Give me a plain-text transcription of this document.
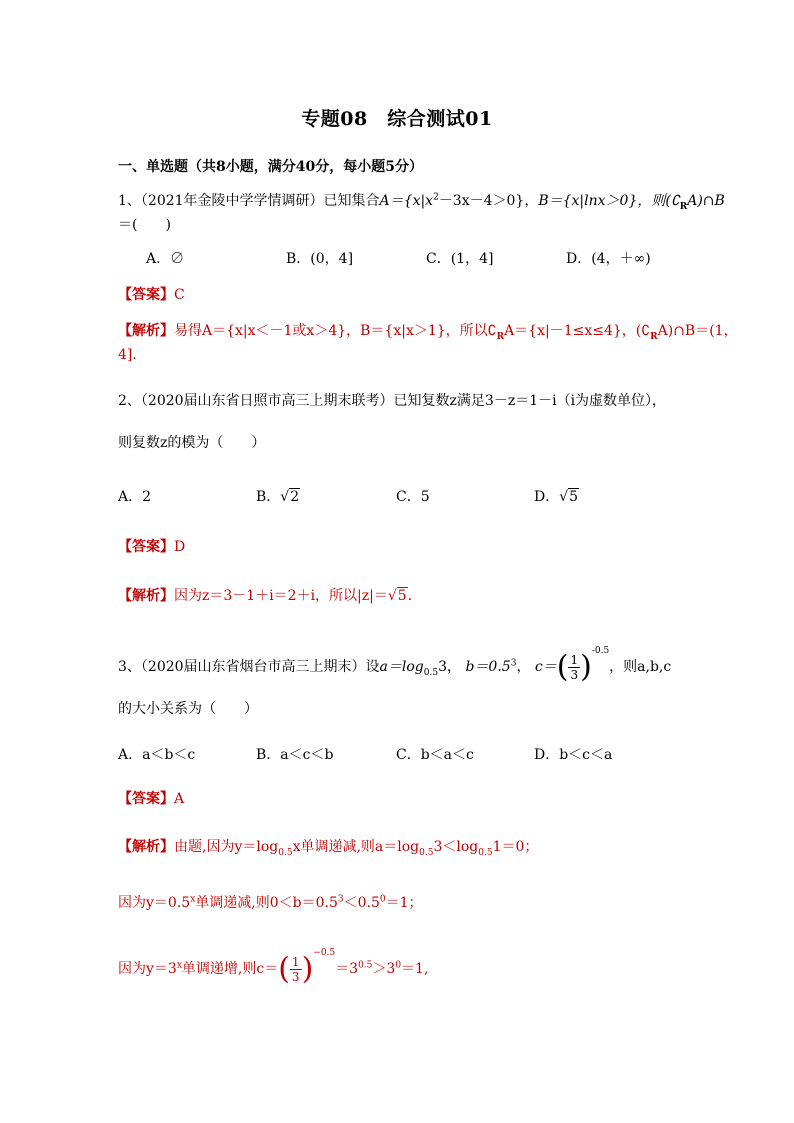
专题08　综合测试01
一、单选题（共8小题，满分40分，每小题5分）
1、（2021年金陵中学学情调研）已知集合$A=\{x|x^2-3x-4>0\}$，B＝{x|lnx＞0}，则$(∁_RA)\cap B$
＝(　　)
A．∅	B．(0，4]	C．(1，4]	D．(4，＋∞)
【答案】C
【解析】易得A＝{x|x＜－1或x＞4}，B＝{x|x＞1}，所以$∁_RA=\{x|-1\le x\le 4\}$，$(∁_RA)\cap B=(1$，
4]．
2、（2020届山东省日照市高三上期末联考）已知复数z满足3－z＝1－i（i为虚数单位），
则复数z的模为（　　）
A．2	B．√2	C．5	D．√5
【答案】D
【解析】因为z＝3－1＋i＝2＋i，所以|z|＝√5．
3、（2020届山东省烟台市高三上期末）设$a=\log_{0.5}3$， $b=0.5^3$， $c=( \frac{1}{3} )^{-0.5}$，则a,b,c
的大小关系为（　　）
A．a＜b＜c	B．a＜c＜b	C．b＜a＜c	D．b＜c＜a
【答案】A
【解析】由题,因为$y=\log_{0.5}x$单调递减,则$a=\log_{0.5}3<\log_{0.5}1=0$；
因为$y=0.5^x$单调递减,则$0<b=0.5^3<0.5^0=1$；
因为$y=3^x$单调递增,则$c=( \frac{1}{3} )^{-0.5}=3^{0.5}>3^0=1$,
